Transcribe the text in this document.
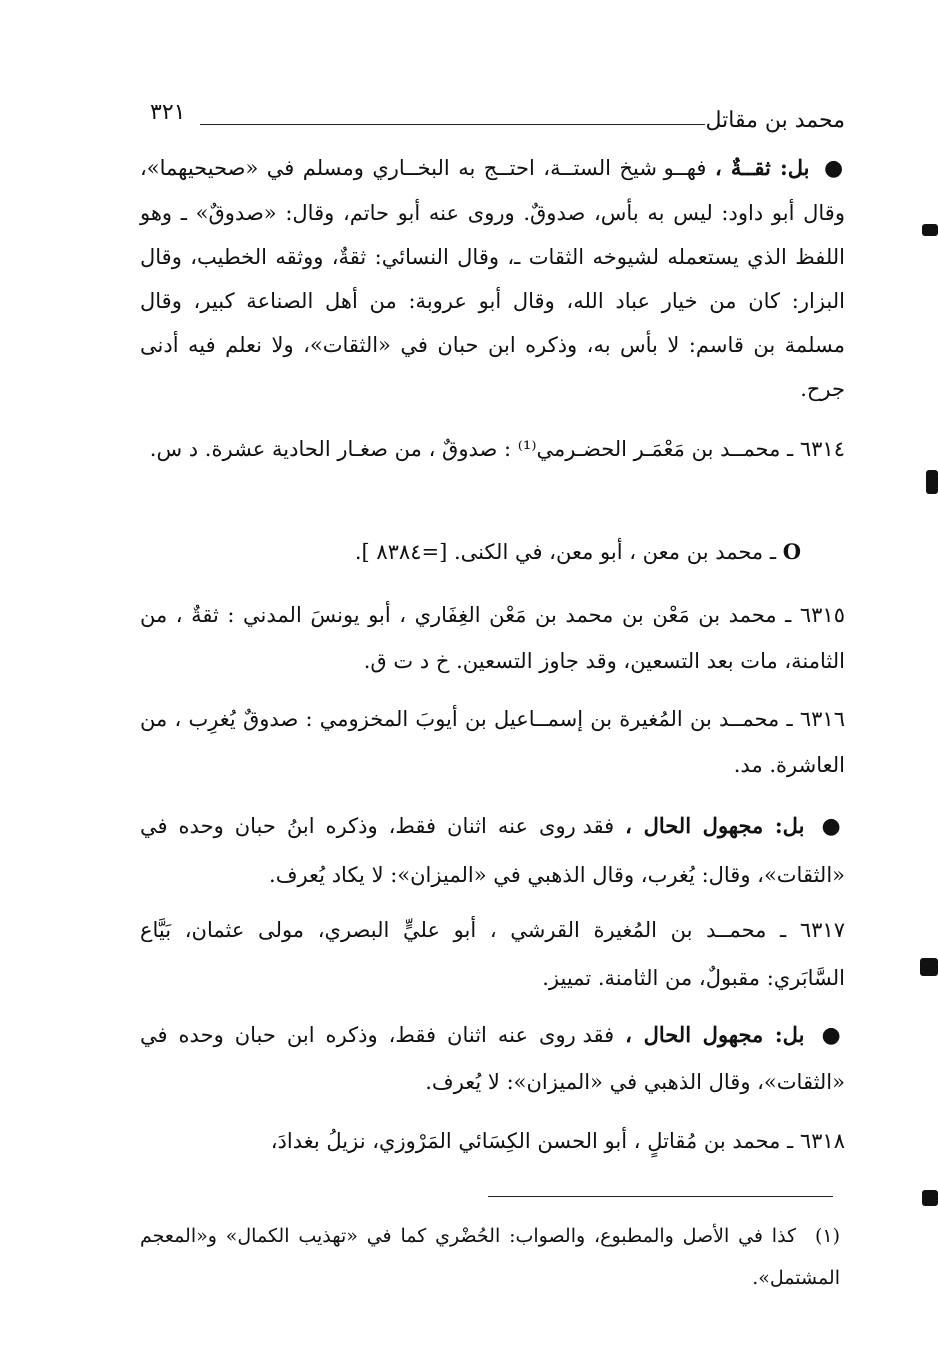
٣٢١	محمد بن مقاتل

● بل: ثقــةٌ ، فهــو شيخ الستــة، احتــج به البخــاري ومسلم في «صحيحيهما»، وقال أبو داود: ليس به بأس، صدوقٌ. وروى عنه أبو حاتم، وقال: «صدوقٌ» ـ وهو اللفظ الذي يستعمله لشيوخه الثقات ـ، وقال النسائي: ثقةٌ، ووثقه الخطيب، وقال البزار: كان من خيار عباد الله، وقال أبو عروبة: من أهل الصناعة كبير، وقال مسلمة بن قاسم: لا بأس به، وذكره ابن حبان في «الثقات»، ولا نعلم فيه أدنى جرح.

٦٣١٤ ـ محمــد بن مَعْمَـر الحضـرمي⁽¹⁾ : صدوقٌ ، من صغـار الحادية عشرة. د س.

O ـ محمد بن معن ، أبو معن، في الكنى. [=٨٣٨٤ ].

٦٣١٥ ـ محمد بن مَعْن بن محمد بن مَعْن الغِفَاري ، أبو يونسَ المدني : ثقةٌ ، من الثامنة، مات بعد التسعين، وقد جاوز التسعين. خ د ت ق.

٦٣١٦ ـ محمــد بن المُغيرة بن إسمــاعيل بن أيوبَ المخزومي : صدوقٌ يُغرِب ، من العاشرة. مد.

● بل: مجهول الحال ، فقد روى عنه اثنان فقط، وذكره ابنُ حبان وحده في «الثقات»، وقال: يُغرب، وقال الذهبي في «الميزان»: لا يكاد يُعرف.

٦٣١٧ ـ محمــد بن المُغيرة القرشي ، أبو عليٍّ البصري، مولى عثمان، بَيَّاع السَّابَري: مقبولٌ، من الثامنة. تمييز.

● بل: مجهول الحال ، فقد روى عنه اثنان فقط، وذكره ابن حبان وحده في «الثقات»، وقال الذهبي في «الميزان»: لا يُعرف.

٦٣١٨ ـ محمد بن مُقاتلٍ ، أبو الحسن الكِسَائي المَرْوزي، نزيلُ بغدادَ،

(١) كذا في الأصل والمطبوع، والصواب: الحُضْري كما في «تهذيب الكمال» و«المعجم المشتمل».
